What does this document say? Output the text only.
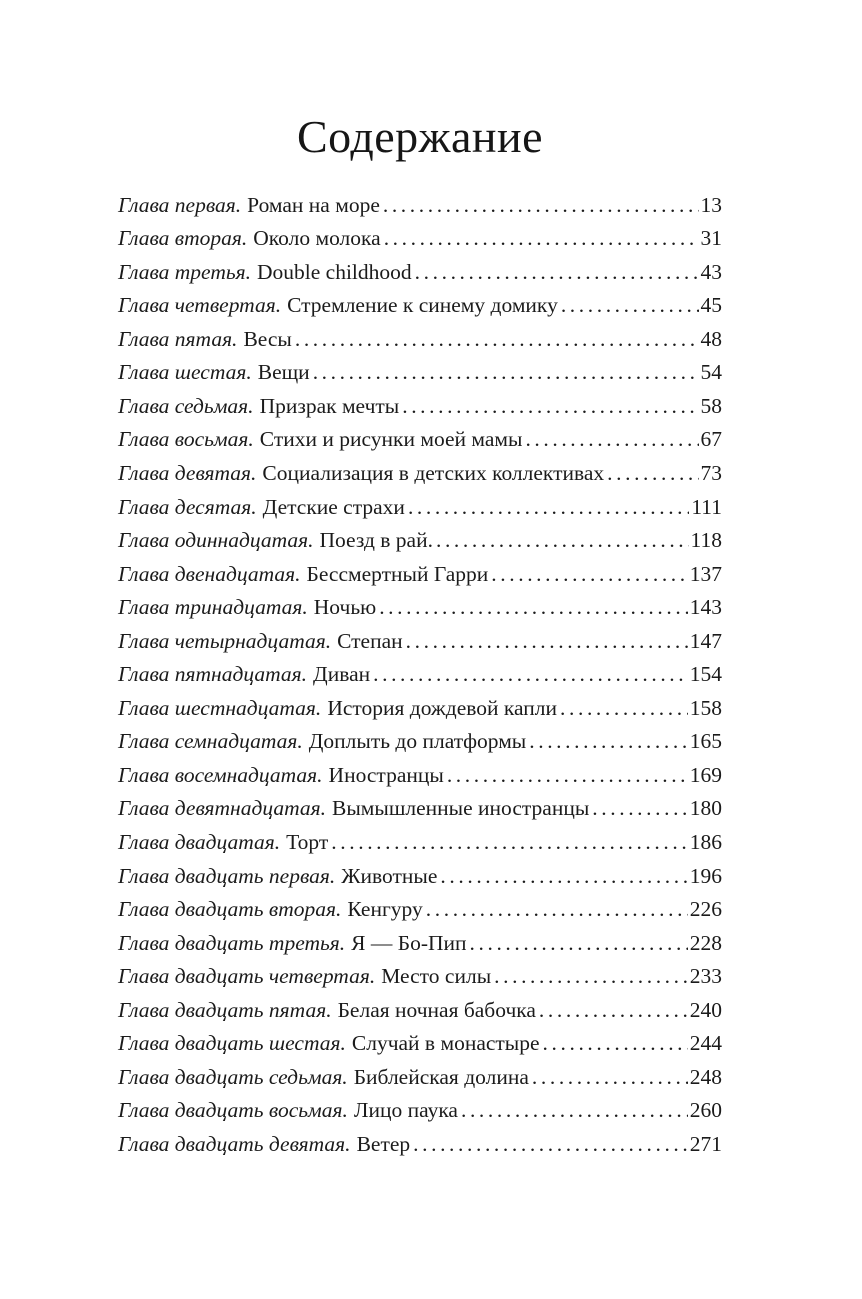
Содержание
Глава первая. Роман на море .....	13
Глава вторая. Около молока .....	31
Глава третья. Double childhood .....	43
Глава четвертая. Стремление к синему домику .....	45
Глава пятая. Весы .....	48
Глава шестая. Вещи .....	54
Глава седьмая. Призрак мечты .....	58
Глава восьмая. Стихи и рисунки моей мамы .....	67
Глава девятая. Социализация в детских коллективах .....	73
Глава десятая. Детские страхи .....	111
Глава одиннадцатая. Поезд в рай. .....	118
Глава двенадцатая. Бессмертный Гарри .....	137
Глава тринадцатая. Ночью .....	143
Глава четырнадцатая. Степан .....	147
Глава пятнадцатая. Диван .....	154
Глава шестнадцатая. История дождевой капли .....	158
Глава семнадцатая. Доплыть до платформы .....	165
Глава восемнадцатая. Иностранцы .....	169
Глава девятнадцатая. Вымышленные иностранцы .....	180
Глава двадцатая. Торт .....	186
Глава двадцать первая. Животные .....	196
Глава двадцать вторая. Кенгуру .....	226
Глава двадцать третья. Я — Бо-Пип .....	228
Глава двадцать четвертая. Место силы .....	233
Глава двадцать пятая. Белая ночная бабочка .....	240
Глава двадцать шестая. Случай в монастыре .....	244
Глава двадцать седьмая. Библейская долина .....	248
Глава двадцать восьмая. Лицо паука .....	260
Глава двадцать девятая. Ветер .....	271
